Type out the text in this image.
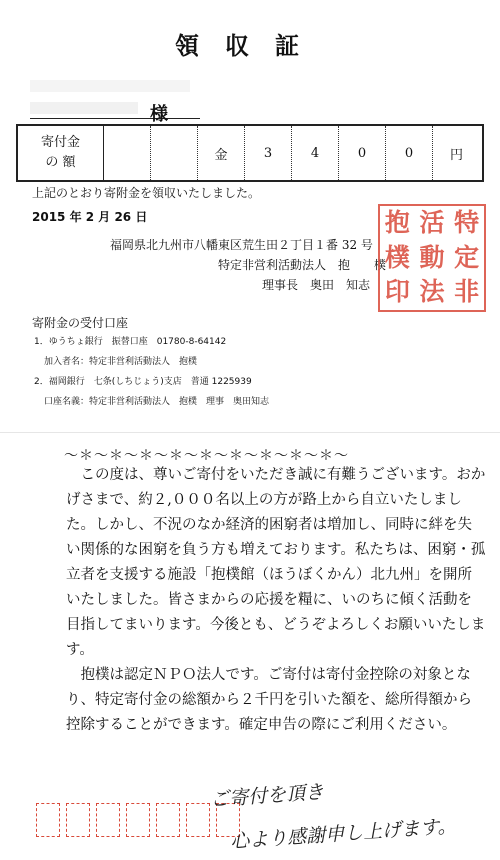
領収証
様
寄付金
の 額	金	3	4	0	0	円
上記のとおり寄附金を領収いたしました。
2015 年 2 月 26 日
福岡県北九州市八幡東区荒生田２丁目１番 32 号
特定非営利活動法人　抱　　樸
理事長　奥田　知志
抱 活 特
樸 動 定
印 法 非
寄附金の受付口座
1．ゆうちょ銀行　振替口座　01780-8-64142
加入者名：特定非営利活動法人　抱樸
2．福岡銀行　七条(しちじょう)支店　普通 1225939
口座名義：特定非営利活動法人　抱樸　理事　奥田知志
～＊～＊～＊～＊～＊～＊～＊～＊～＊～

この度は、尊いご寄付をいただき誠に有難うございます。おかげさまで、約２,０００名以上の方が路上から自立いたしました。しかし、不況のなか経済的困窮者は増加し、同時に絆を失い関係的な困窮を負う方も増えております。私たちは、困窮・孤立者を支援する施設「抱樸館（ほうぼくかん）北九州」を開所いたしました。皆さまからの応援を糧に、いのちに傾く活動を目指してまいります。今後とも、どうぞよろしくお願いいたします。

抱樸は認定ＮＰＯ法人です。ご寄付は寄付金控除の対象となり、特定寄付金の総額から２千円を引いた額を、総所得額から控除することができます。確定申告の際にご利用ください。

ご寄付を頂き
心より感謝申し上げます。
